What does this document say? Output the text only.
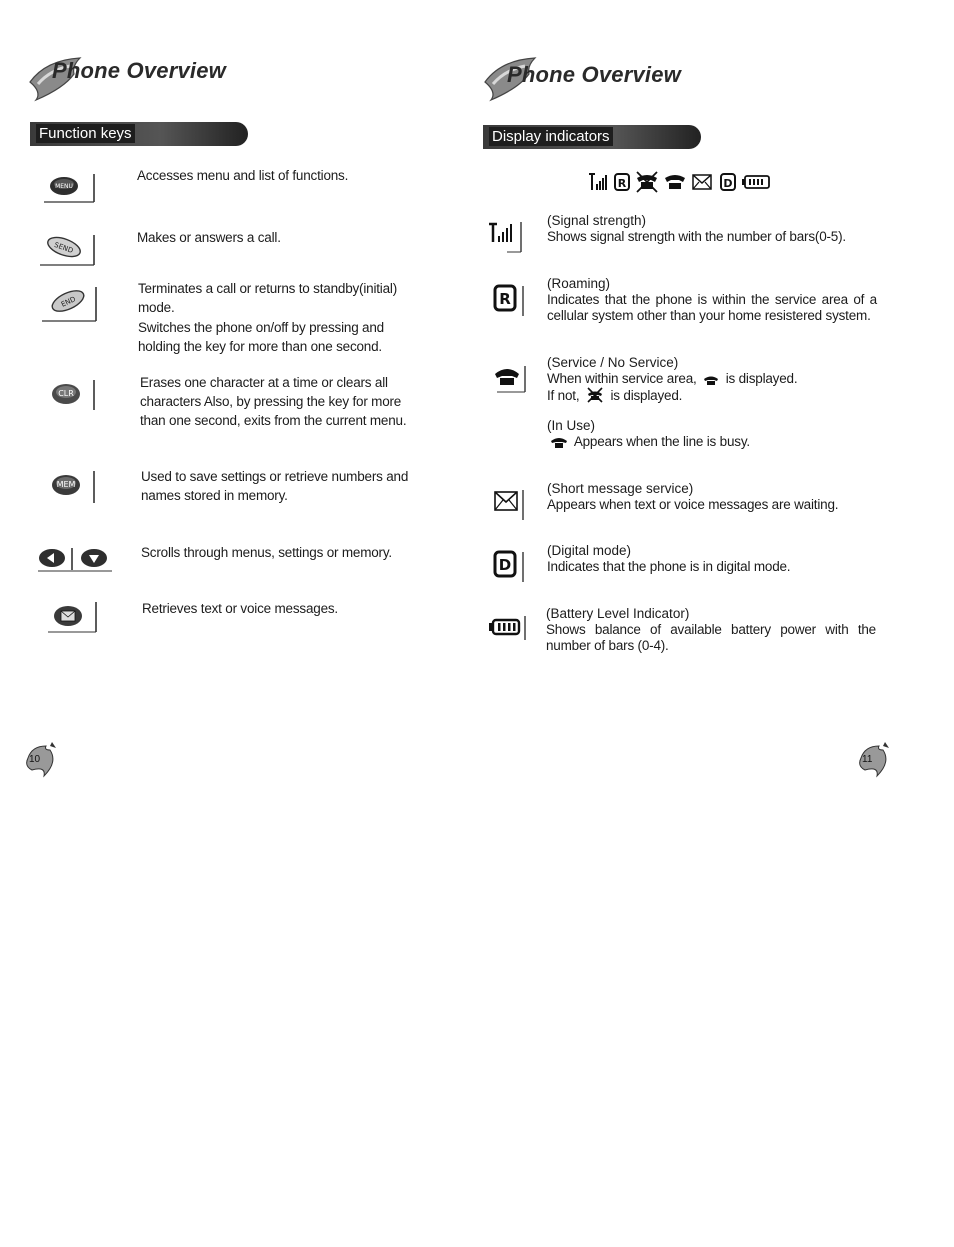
Phone Overview
Function keys
MENU
Accesses menu and list of functions.
SEND
Makes or answers a call.
END
Terminates a call or returns to standby(initial) mode.
Switches the phone on/off by pressing and holding the key for more than one second.
CLR
Erases one character at a time or clears all characters Also, by pressing the key for more than one second, exits from the current menu.
MEM
Used to save settings or retrieve numbers and names stored in memory.
Scrolls through menus, settings or memory.
Retrieves text or voice messages.
10
Phone Overview
Display indicators
R	D
(Signal strength)
Shows signal strength with the number of bars(0-5).
R
(Roaming)
Indicates that the phone is within the service area of a cellular system other than your home resistered system.
(Service / No Service)
When within service area, is displayed.
If not, is displayed.
(In Use)
Appears when the line is busy.
(Short message service)
Appears when text or voice messages are waiting.
D
(Digital mode)
Indicates that the phone is in digital mode.
(Battery Level Indicator)
Shows balance of available battery power with the number of bars (0-4).
11
